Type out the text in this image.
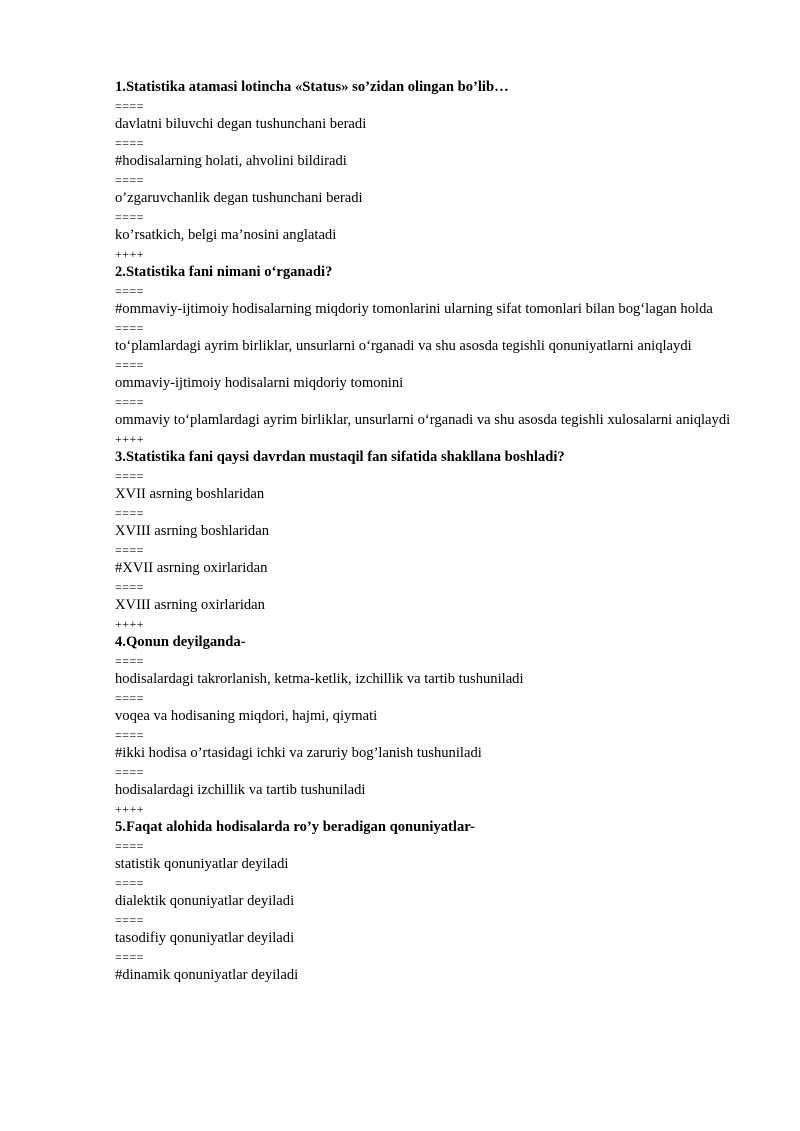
1.Statistika atamasi lotincha «Status» so’zidan olingan bo’lib…
====
davlatni biluvchi degan tushunchani beradi
====
#hodisalarning holati, ahvolini bildiradi
====
o’zgaruvchanlik degan tushunchani beradi
====
ko’rsatkich, belgi ma’nosini anglatadi
++++
2.Statistika fani nimani o‘rganadi?
====
#ommaviy-ijtimoiy hodisalarning miqdoriy tomonlarini ularning sifat tomonlari bilan bog‘lagan holda
====
to‘plamlardagi ayrim birliklar, unsurlarni o‘rganadi va shu asosda tegishli qonuniyatlarni aniqlaydi
====
ommaviy-ijtimoiy hodisalarni miqdoriy tomonini
====
ommaviy to‘plamlardagi ayrim birliklar, unsurlarni o‘rganadi va shu asosda tegishli xulosalarni aniqlaydi
++++
3.Statistika fani qaysi davrdan mustaqil fan sifatida shakllana boshladi?
====
XVII asrning boshlaridan
====
XVIII asrning boshlaridan
====
#XVII asrning oxirlaridan
====
XVIII asrning oxirlaridan
++++
4.Qonun deyilganda-
====
hodisalardagi takrorlanish, ketma-ketlik, izchillik va tartib tushuniladi
====
voqea va hodisaning miqdori, hajmi, qiymati
====
#ikki hodisa o’rtasidagi ichki va zaruriy bog’lanish tushuniladi
====
hodisalardagi izchillik va tartib tushuniladi
++++
5.Faqat alohida hodisalarda ro’y beradigan qonuniyatlar-
====
statistik qonuniyatlar deyiladi
====
dialektik qonuniyatlar deyiladi
====
tasodifiy qonuniyatlar deyiladi
====
#dinamik qonuniyatlar deyiladi
